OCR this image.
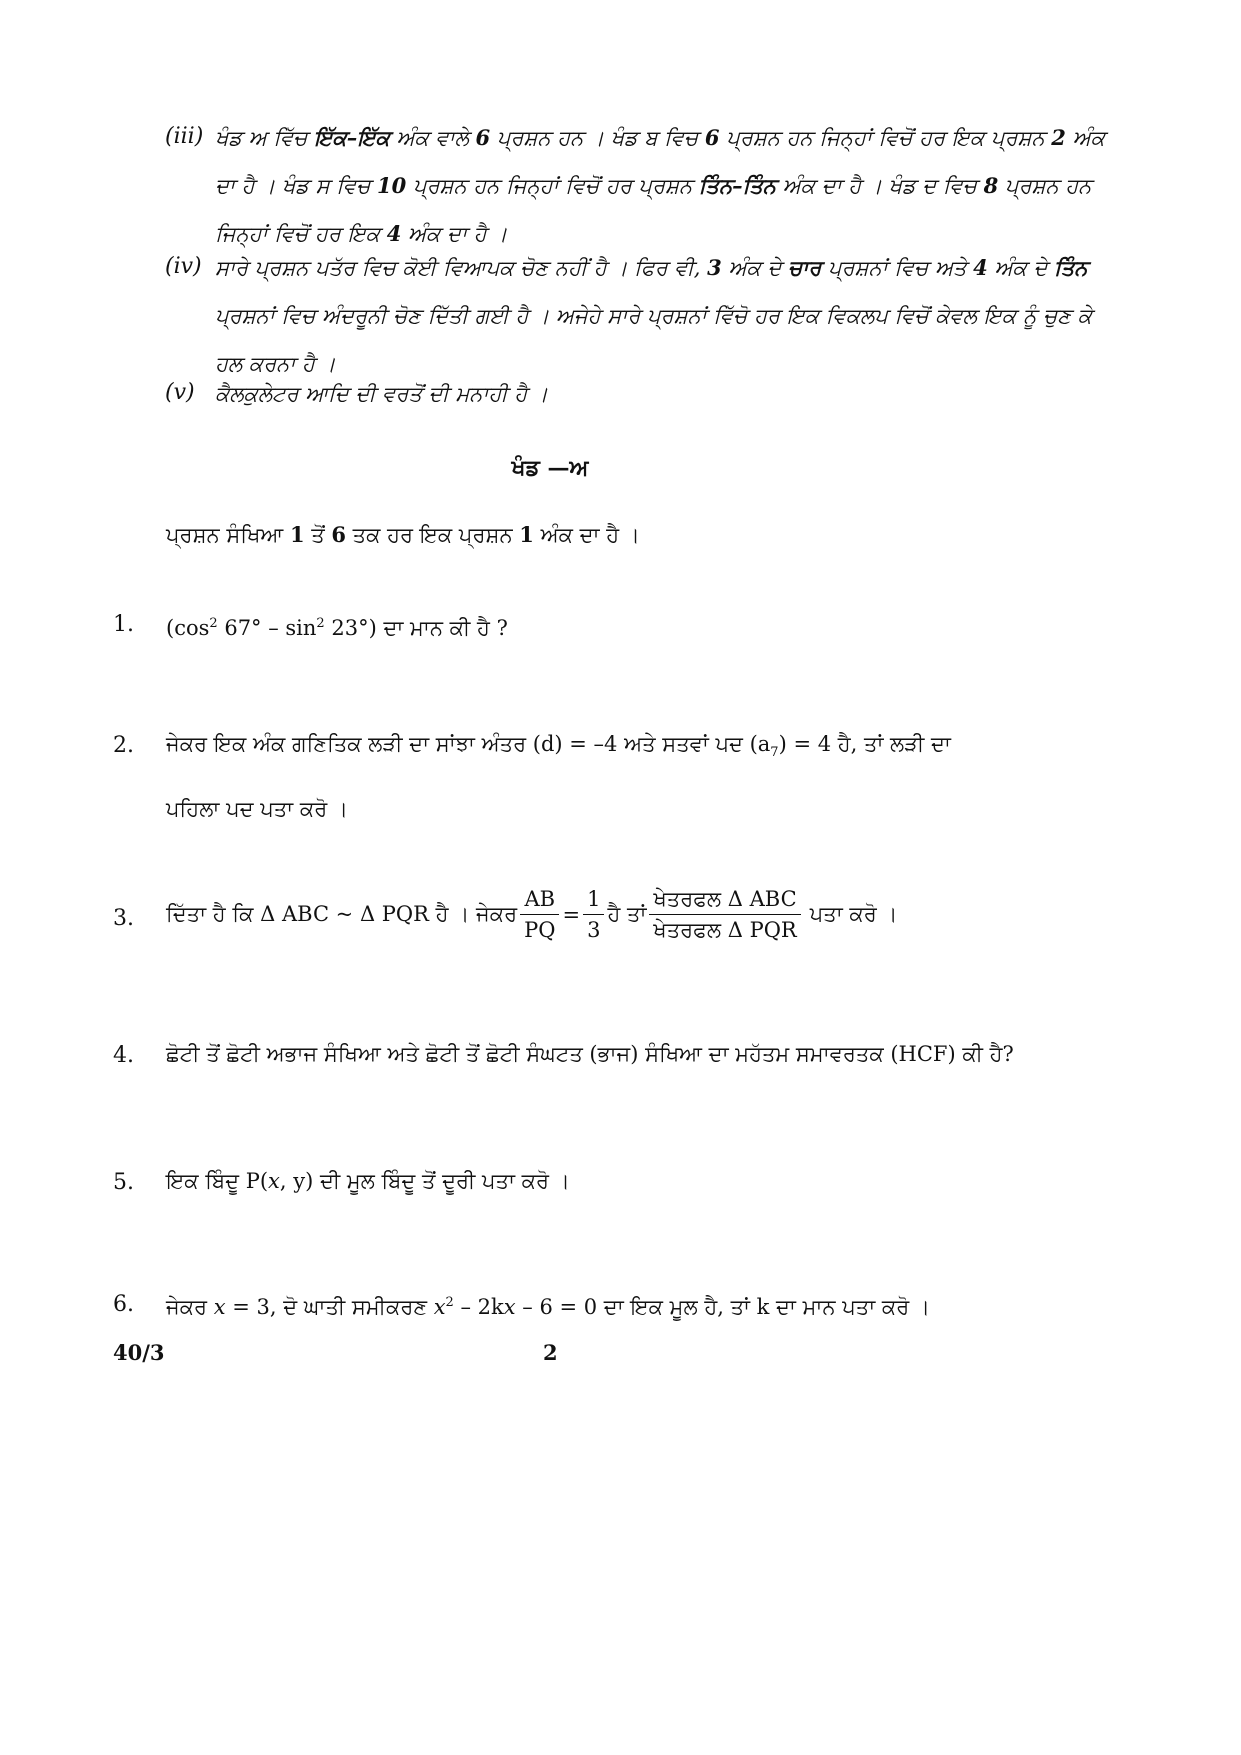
(iii) ਖੰਡ ਅ ਵਿੱਚ ਇੱਕ–ਇੱਕ ਅੰਕ ਵਾਲੇ 6 ਪ੍ਰਸ਼ਨ ਹਨ । ਖੰਡ ਬ ਵਿਚ 6 ਪ੍ਰਸ਼ਨ ਹਨ ਜਿਨ੍ਹਾਂ ਵਿਚੋਂ ਹਰ ਇਕ ਪ੍ਰਸ਼ਨ 2 ਅੰਕ ਦਾ ਹੈ । ਖੰਡ ਸ ਵਿਚ 10 ਪ੍ਰਸ਼ਨ ਹਨ ਜਿਨ੍ਹਾਂ ਵਿਚੋਂ ਹਰ ਪ੍ਰਸ਼ਨ ਤਿੰਨ–ਤਿੰਨ ਅੰਕ ਦਾ ਹੈ । ਖੰਡ ਦ ਵਿਚ 8 ਪ੍ਰਸ਼ਨ ਹਨ ਜਿਨ੍ਹਾਂ ਵਿਚੋਂ ਹਰ ਇਕ 4 ਅੰਕ ਦਾ ਹੈ ।
(iv) ਸਾਰੇ ਪ੍ਰਸ਼ਨ ਪਤੱਰ ਵਿਚ ਕੋਈ ਵਿਆਪਕ ਚੋਣ ਨਹੀਂ ਹੈ । ਫਿਰ ਵੀ, 3 ਅੰਕ ਦੇ ਚਾਰ ਪ੍ਰਸ਼ਨਾਂ ਵਿਚ ਅਤੇ 4 ਅੰਕ ਦੇ ਤਿੰਨ ਪ੍ਰਸ਼ਨਾਂ ਵਿਚ ਅੰਦਰੂਨੀ ਚੋਣ ਦਿੱਤੀ ਗਈ ਹੈ । ਅਜੇਹੇ ਸਾਰੇ ਪ੍ਰਸ਼ਨਾਂ ਵਿੱਚੋ ਹਰ ਇਕ ਵਿਕਲਪ ਵਿਚੋਂ ਕੇਵਲ ਇਕ ਨੂੰ ਚੁਣ ਕੇ ਹਲ ਕਰਨਾ ਹੈ ।
(v) ਕੈਲਕੁਲੇਟਰ ਆਦਿ ਦੀ ਵਰਤੋਂ ਦੀ ਮਨਾਹੀ ਹੈ ।
ਖੰਡ —ਅ
ਪ੍ਰਸ਼ਨ ਸੰਖਿਆ 1 ਤੋਂ 6 ਤਕ ਹਰ ਇਕ ਪ੍ਰਸ਼ਨ 1 ਅੰਕ ਦਾ ਹੈ ।
1. ($\cos^2$ $67^\circ - \sin^2 23^\circ$) ਦਾ ਮਾਨ ਕੀ ਹੈ ?
2. ਜੇਕਰ ਇਕ ਅੰਕ ਗਣਿਤਿਕ ਲੜੀ ਦਾ ਸਾਂਝਾ ਅੰਤਰ (d) = –4 ਅਤੇ ਸਤਵਾਂ ਪਦ $(a_7) = 4$ ਹੈ, ਤਾਂ ਲੜੀ ਦਾ ਪਹਿਲਾ ਪਦ ਪਤਾ ਕਰੋ ।
3. ਦਿੱਤਾ ਹੈ ਕਿ Δ ABC ~ Δ PQR ਹੈ । ਜੇਕਰ $\frac{AB}{PQ} = \frac{1}{3}$ ਹੈ ਤਾਂ $\frac{\text{ਖੇਤਰਫਲ Δ ABC}}{\text{ਖੇਤਰਫਲ Δ PQR}}$ ਪਤਾ ਕਰੋ ।
4. ਛੋਟੀ ਤੋਂ ਛੋਟੀ ਅਭਾਜ ਸੰਖਿਆ ਅਤੇ ਛੋਟੀ ਤੋਂ ਛੋਟੀ ਸੰਘਟਤ (ਭਾਜ) ਸੰਖਿਆ ਦਾ ਮਹੱਤਮ ਸਮਾਵਰਤਕ (HCF) ਕੀ ਹੈ?
5. ਇਕ ਬਿੰਦੂ P(x, y) ਦੀ ਮੂਲ ਬਿੰਦੂ ਤੋਂ ਦੂਰੀ ਪਤਾ ਕਰੋ ।
6. ਜੇਕਰ x = 3, ਦੋ ਘਾਤੀ ਸਮੀਕਰਣ $x^2 - 2kx - 6 = 0$ ਦਾ ਇਕ ਮੂਲ ਹੈ, ਤਾਂ k ਦਾ ਮਾਨ ਪਤਾ ਕਰੋ ।
40/3	2
